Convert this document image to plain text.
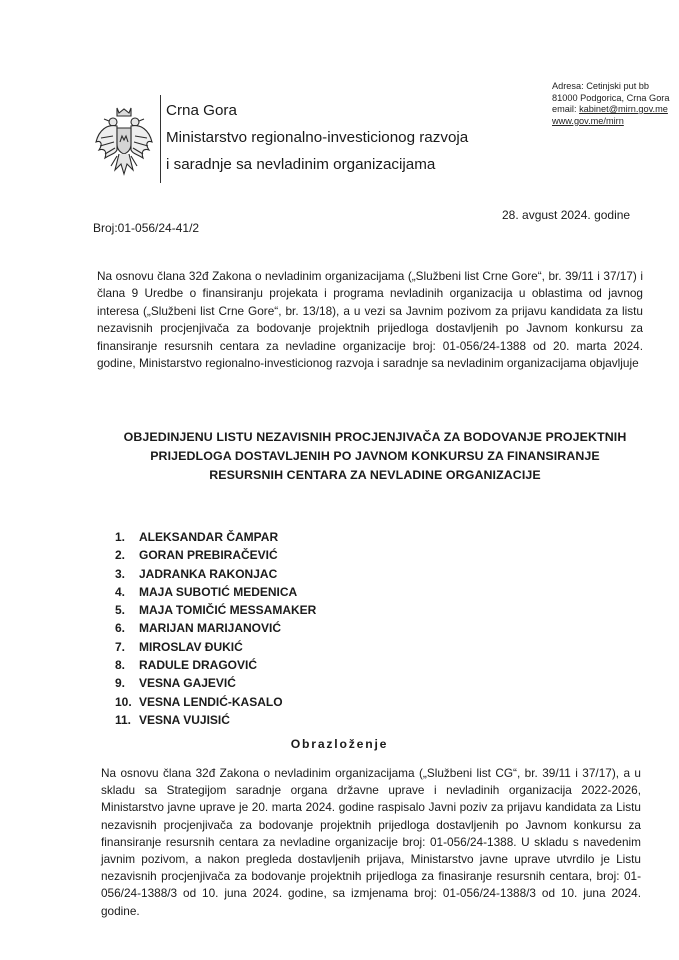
Crna Gora
Ministarstvo regionalno-investicionog razvoja
i saradnje sa nevladinim organizacijama
Adresa: Cetinjski put bb
81000 Podgorica, Crna Gora
email: kabinet@mirn.gov.me
www.gov.me/mirn
28. avgust 2024. godine
Broj:01-056/24-41/2
Na osnovu člana 32đ Zakona o nevladinim organizacijama („Službeni list Crne Gore“, br. 39/11 i 37/17) i člana 9 Uredbe o finansiranju projekata i programa nevladinih organizacija u oblastima od javnog interesa („Službeni list Crne Gore“, br. 13/18), a u vezi sa Javnim pozivom za prijavu kandidata za listu nezavisnih procjenjivača za bodovanje projektnih prijedloga dostavljenih po Javnom konkursu za finansiranje resursnih centara za nevladine organizacije broj: 01-056/24-1388 od 20. marta 2024. godine, Ministarstvo regionalno-investicionog razvoja i saradnje sa nevladinim organizacijama objavljuje
OBJEDINJENU LISTU NEZAVISNIH PROCJENJIVAČA ZA BODOVANJE PROJEKTNIH
PRIJEDLOGA DOSTAVLJENIH PO JAVNOM KONKURSU ZA FINANSIRANJE
RESURSNIH CENTARA ZA NEVLADINE ORGANIZACIJE
1. ALEKSANDAR ČAMPAR
2. GORAN PREBIRAČEVIĆ
3. JADRANKA RAKONJAC
4. MAJA SUBOTIĆ MEDENICA
5. MAJA TOMIČIĆ MESSAMAKER
6. MARIJAN MARIJANOVIĆ
7. MIROSLAV ĐUKIĆ
8. RADULE DRAGOVIĆ
9. VESNA GAJEVIĆ
10. VESNA LENDIĆ-KASALO
11. VESNA VUJISIĆ
Obrazloženje
Na osnovu člana 32đ Zakona o nevladinim organizacijama („Službeni list CG“, br. 39/11 i 37/17), a u skladu sa Strategijom saradnje organa državne uprave i nevladinih organizacija 2022-2026, Ministarstvo javne uprave je 20. marta 2024. godine raspisalo Javni poziv za prijavu kandidata za Listu nezavisnih procjenjivača za bodovanje projektnih prijedloga dostavljenih po Javnom konkursu za finansiranje resursnih centara za nevladine organizacije broj: 01-056/24-1388. U skladu s navedenim javnim pozivom, a nakon pregleda dostavljenih prijava, Ministarstvo javne uprave utvrdilo je Listu nezavisnih procjenjivača za bodovanje projektnih prijedloga za finasiranje resursnih centara, broj: 01-056/24-1388/3 od 10. juna 2024. godine, sa izmjenama broj: 01-056/24-1388/3 od 10. juna 2024. godine.
